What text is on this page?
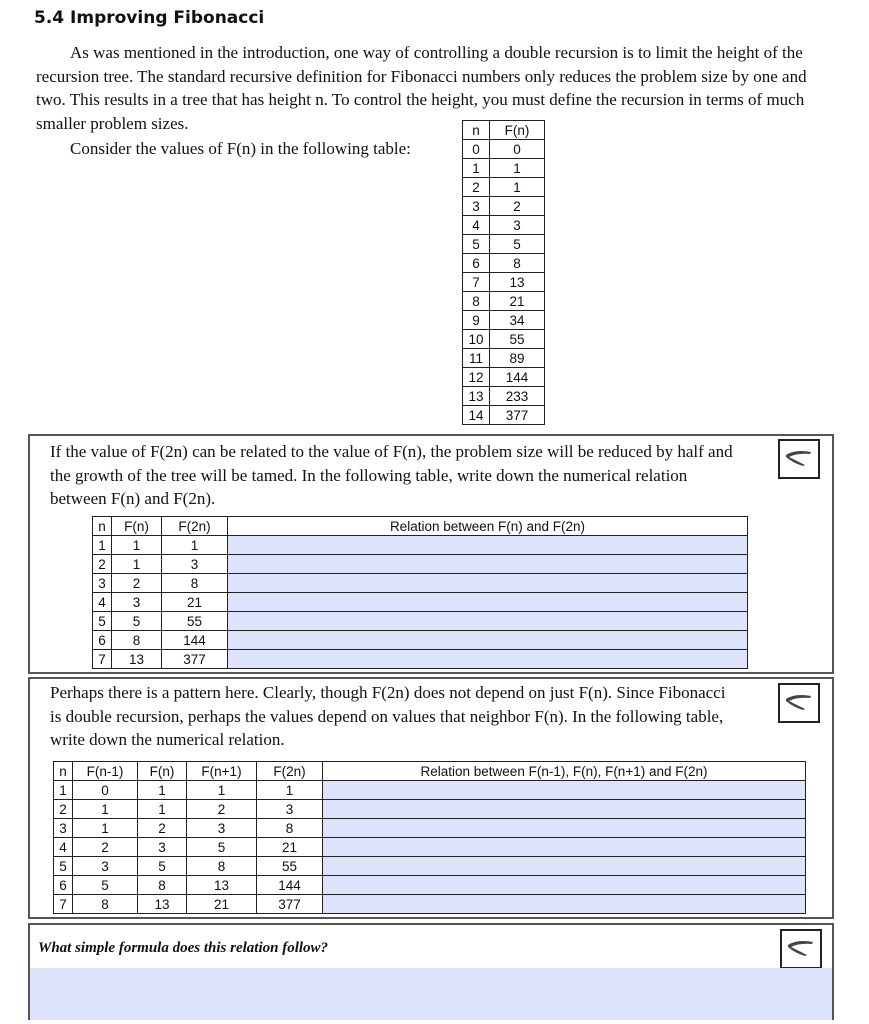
5.4 Improving Fibonacci

As was mentioned in the introduction, one way of controlling a double recursion is to limit the height of the recursion tree. The standard recursive definition for Fibonacci numbers only reduces the problem size by one and two. This results in a tree that has height n. To control the height, you must define the recursion in terms of much smaller problem sizes.

Consider the values of F(n) in the following table:

n	F(n)
0	0
1	1
2	1
3	2
4	3
5	5
6	8
7	13
8	21
9	34
10	55
11	89
12	144
13	233
14	377

If the value of F(2n) can be related to the value of F(n), the problem size will be reduced by half and the growth of the tree will be tamed. In the following table, write down the numerical relation between F(n) and F(2n).

n	F(n)	F(2n)	Relation between F(n) and F(2n)
1	1	1	
2	1	3	
3	2	8	
4	3	21	
5	5	55	
6	8	144	
7	13	377	

Perhaps there is a pattern here. Clearly, though F(2n) does not depend on just F(n). Since Fibonacci is double recursion, perhaps the values depend on values that neighbor F(n). In the following table, write down the numerical relation.

n	F(n-1)	F(n)	F(n+1)	F(2n)	Relation between F(n-1), F(n), F(n+1) and F(2n)
1	0	1	1	1	
2	1	1	2	3	
3	1	2	3	8	
4	2	3	5	21	
5	3	5	8	55	
6	5	8	13	144	
7	8	13	21	377	

What simple formula does this relation follow?
